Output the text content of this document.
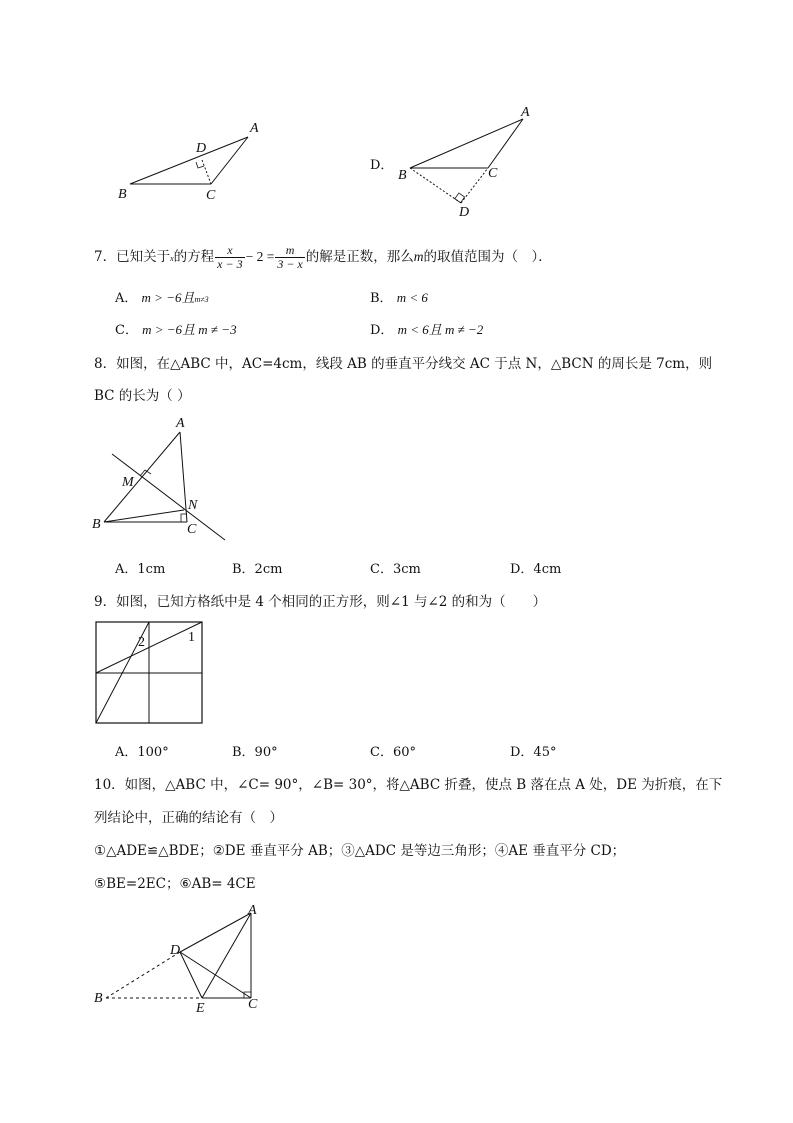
A
B	C
D
D．
A
B	C
D
7．已知关于x的方程 $\frac{x}{x - 3} - 2 = \frac{m}{3 - x}$ 的解是正数，那么m的取值范围为（　）．
A． m > −6且m≠3	B． m < 6
C． m > −6且 m ≠ −3	D． m < 6且 m ≠ −2
8．如图，在△ABC 中，AC=4cm，线段 AB 的垂直平分线交 AC 于点 N，△BCN 的周长是 7cm，则
BC 的长为（ ）
A
M
N
B	C
A．1cm	B．2cm	C．3cm	D．4cm
9．如图，已知方格纸中是 4 个相同的正方形，则∠1 与∠2 的和为（　　）
2	1
A．100°	B．90°	C．60°	D．45°
10．如图，△ABC 中，∠C= 90°，∠B= 30°，将△ABC 折叠，使点 B 落在点 A 处，DE 为折痕，在下
列结论中，正确的结论有（　）
①△ADE≌△BDE；②DE 垂直平分 AB；③△ADC 是等边三角形；④AE 垂直平分 CD；
⑤BE=2EC；⑥AB= 4CE
A
D
B
E	C
